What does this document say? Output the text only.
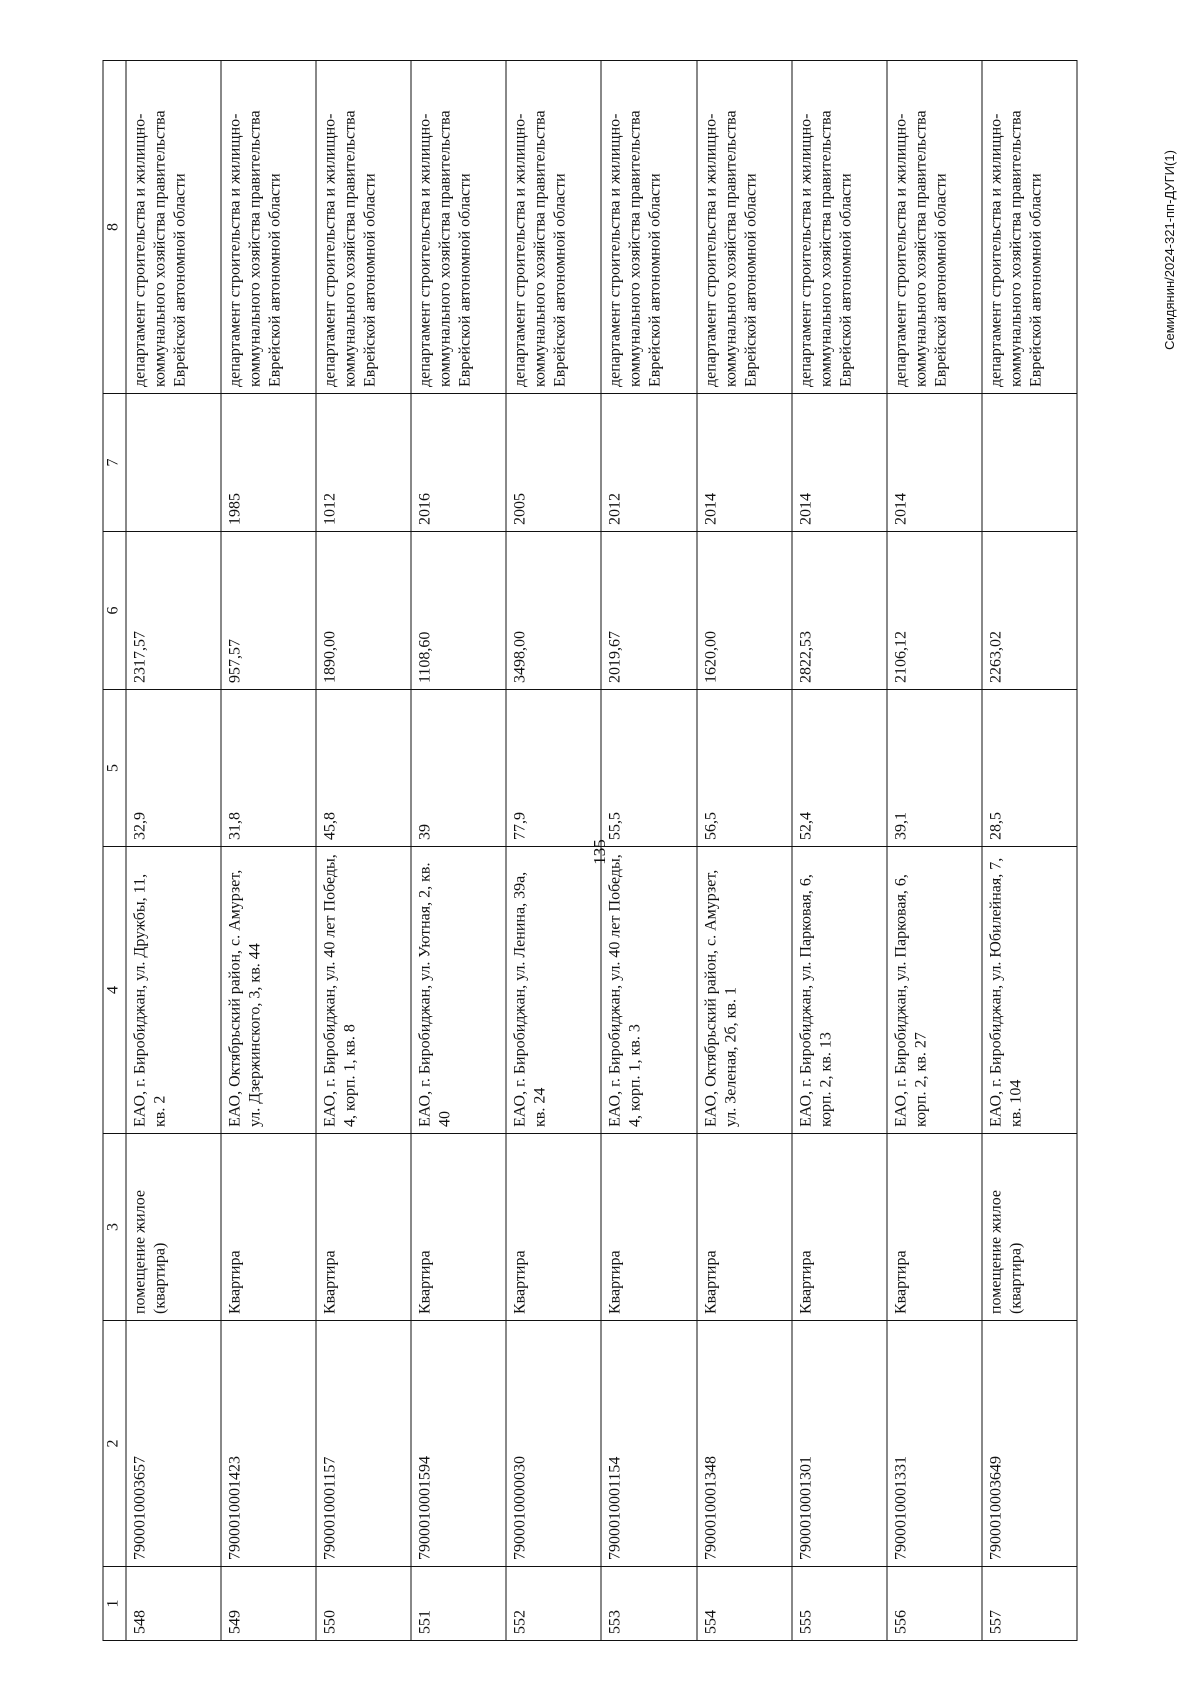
135
Семидянин/2024-321-пп-ДУГИ(1)
1	2	3	4	5	6	7	8
548	7900010003657	помещение жилое (квартира)	ЕАО, г. Биробиджан, ул. Дружбы, 11, кв. 2	32,9	2317,57		департамент строительства и жилищно-коммунального хозяйства правительства Еврейской автономной области
549	7900010001423	Квартира	ЕАО, Октябрьский район, с. Амурзет, ул. Дзержинского, 3, кв. 44	31,8	957,57	1985	департамент строительства и жилищно-коммунального хозяйства правительства Еврейской автономной области
550	7900010001157	Квартира	ЕАО, г. Биробиджан, ул. 40 лет Победы, 4, корп. 1, кв. 8	45,8	1890,00	1012	департамент строительства и жилищно-коммунального хозяйства правительства Еврейской автономной области
551	7900010001594	Квартира	ЕАО, г. Биробиджан, ул. Уютная, 2, кв. 40	39	1108,60	2016	департамент строительства и жилищно-коммунального хозяйства правительства Еврейской автономной области
552	7900010000030	Квартира	ЕАО, г. Биробиджан, ул. Ленина, 39а, кв. 24	77,9	3498,00	2005	департамент строительства и жилищно-коммунального хозяйства правительства Еврейской автономной области
553	7900010001154	Квартира	ЕАО, г. Биробиджан, ул. 40 лет Победы, 4, корп. 1, кв. 3	55,5	2019,67	2012	департамент строительства и жилищно-коммунального хозяйства правительства Еврейской автономной области
554	7900010001348	Квартира	ЕАО, Октябрьский район, с. Амурзет, ул. Зеленая, 2б, кв. 1	56,5	1620,00	2014	департамент строительства и жилищно-коммунального хозяйства правительства Еврейской автономной области
555	7900010001301	Квартира	ЕАО, г. Биробиджан, ул. Парковая, 6, корп. 2, кв. 13	52,4	2822,53	2014	департамент строительства и жилищно-коммунального хозяйства правительства Еврейской автономной области
556	7900010001331	Квартира	ЕАО, г. Биробиджан, ул. Парковая, 6, корп. 2, кв. 27	39,1	2106,12	2014	департамент строительства и жилищно-коммунального хозяйства правительства Еврейской автономной области
557	7900010003649	помещение жилое (квартира)	ЕАО, г. Биробиджан, ул. Юбилейная, 7, кв. 104	28,5	2263,02		департамент строительства и жилищно-коммунального хозяйства правительства Еврейской автономной области
